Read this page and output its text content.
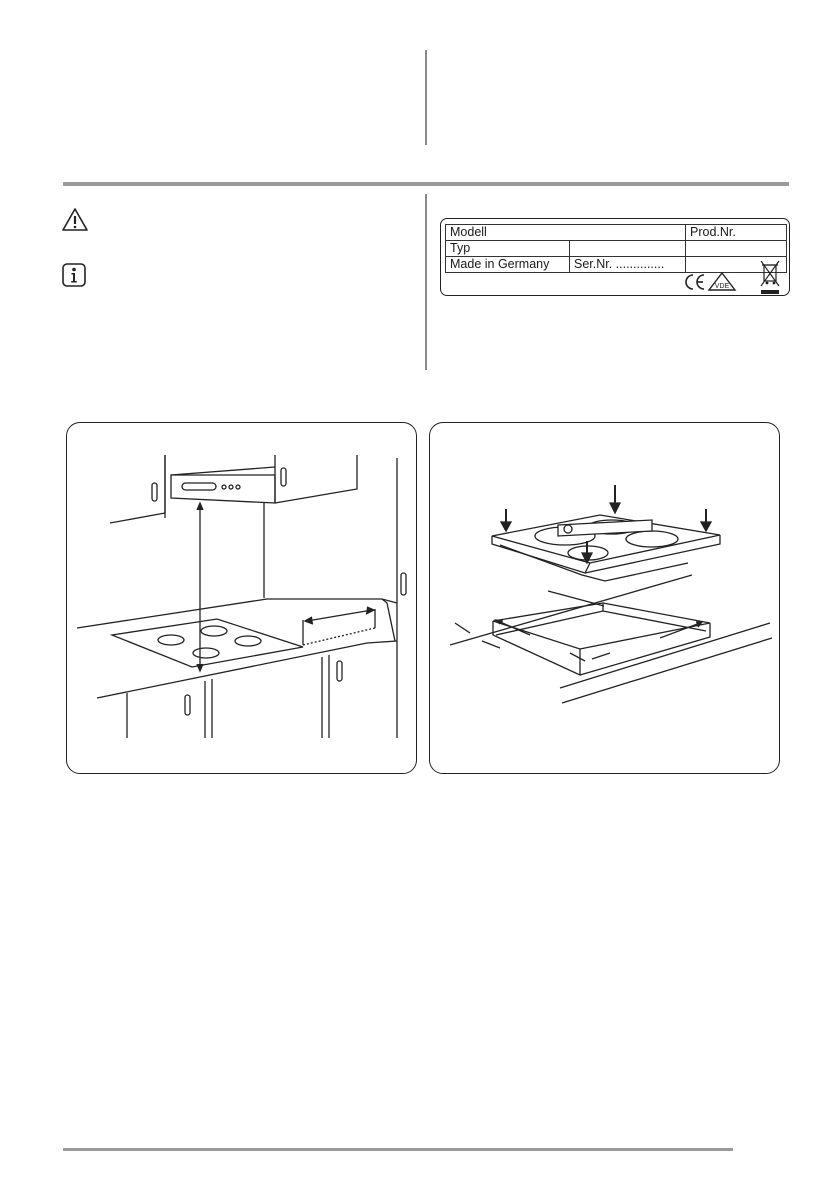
Modell		Prod.Nr.
Typ		
Made in Germany	Ser.Nr. ..............	
VDE
